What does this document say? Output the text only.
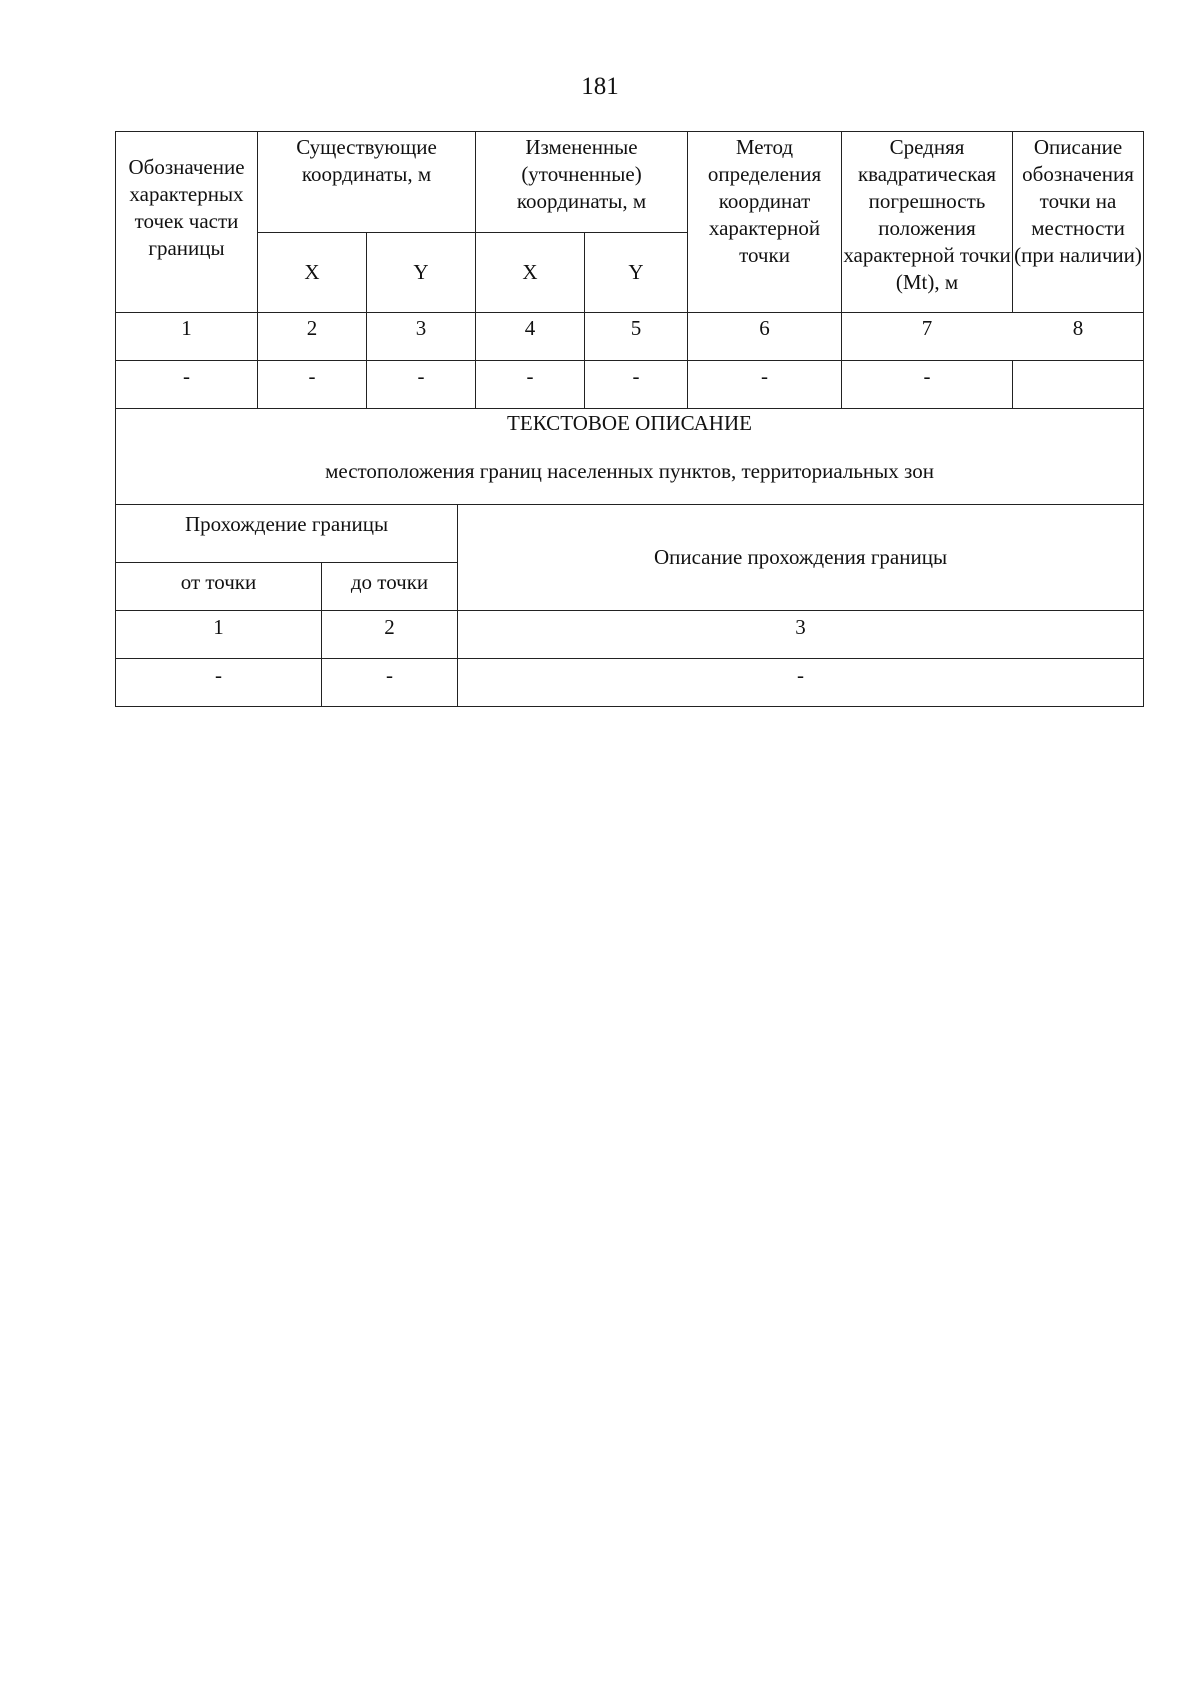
181
Обозначение характерных точек части границы	Существующие координаты, м		Измененные (уточненные) координаты, м		Метод определения координат характерной точки	Средняя квадратическая погрешность положения характерной точки (Mt), м	Описание обозначения точки на местности (при наличии)
	X	Y	X	Y			
1	2	3	4	5	6	7	8
-	-	-	-	-	-	-	
ТЕКСТОВОЕ ОПИСАНИЕ
местоположения границ населенных пунктов, территориальных зон							
Прохождение границы		Описание прохождения границы
от точки	до точки	
1	2	3
-	-	-
